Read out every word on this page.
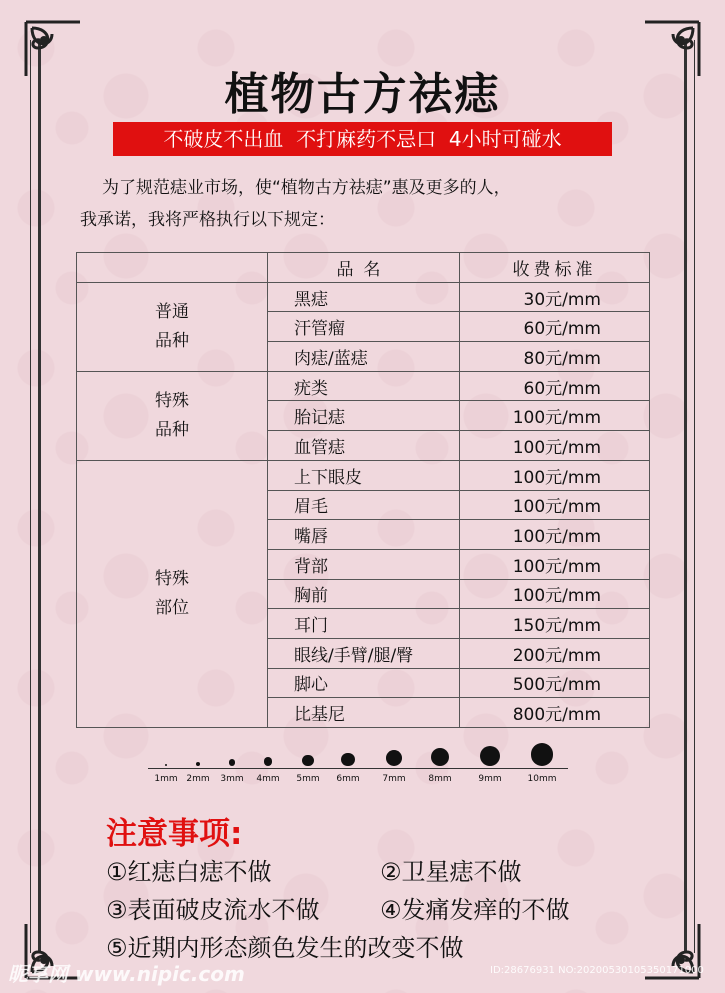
植物古方祛痣
不破皮不出血  不打麻药不忌口  4小时可碰水
为了规范痣业市场，使“植物古方祛痣”惠及更多的人，
我承诺，我将严格执行以下规定：
	品名	收费标准

普通
品种	黑痣	30元/mm
	汗管瘤	60元/mm
	肉痣/蓝痣	80元/mm

特殊
品种	疣类	60元/mm
	胎记痣	100元/mm
	血管痣	100元/mm

特殊
部位	上下眼皮	100元/mm
	眉毛	100元/mm
	嘴唇	100元/mm
	背部	100元/mm
	胸前	100元/mm
	耳门	150元/mm
	眼线/手臂/腿/臀	200元/mm
	脚心	500元/mm
	比基尼	800元/mm
1mm 2mm	3mm	4mm	5mm	6mm	7mm	8mm	9mm	10mm
注意事项:
①红痣白痣不做	②卫星痣不做
③表面破皮流水不做	④发痛发痒的不做
⑤近期内形态颜色发生的改变不做
昵享网 www.nipic.com	ID:28676931 NO:20200530105350171000
